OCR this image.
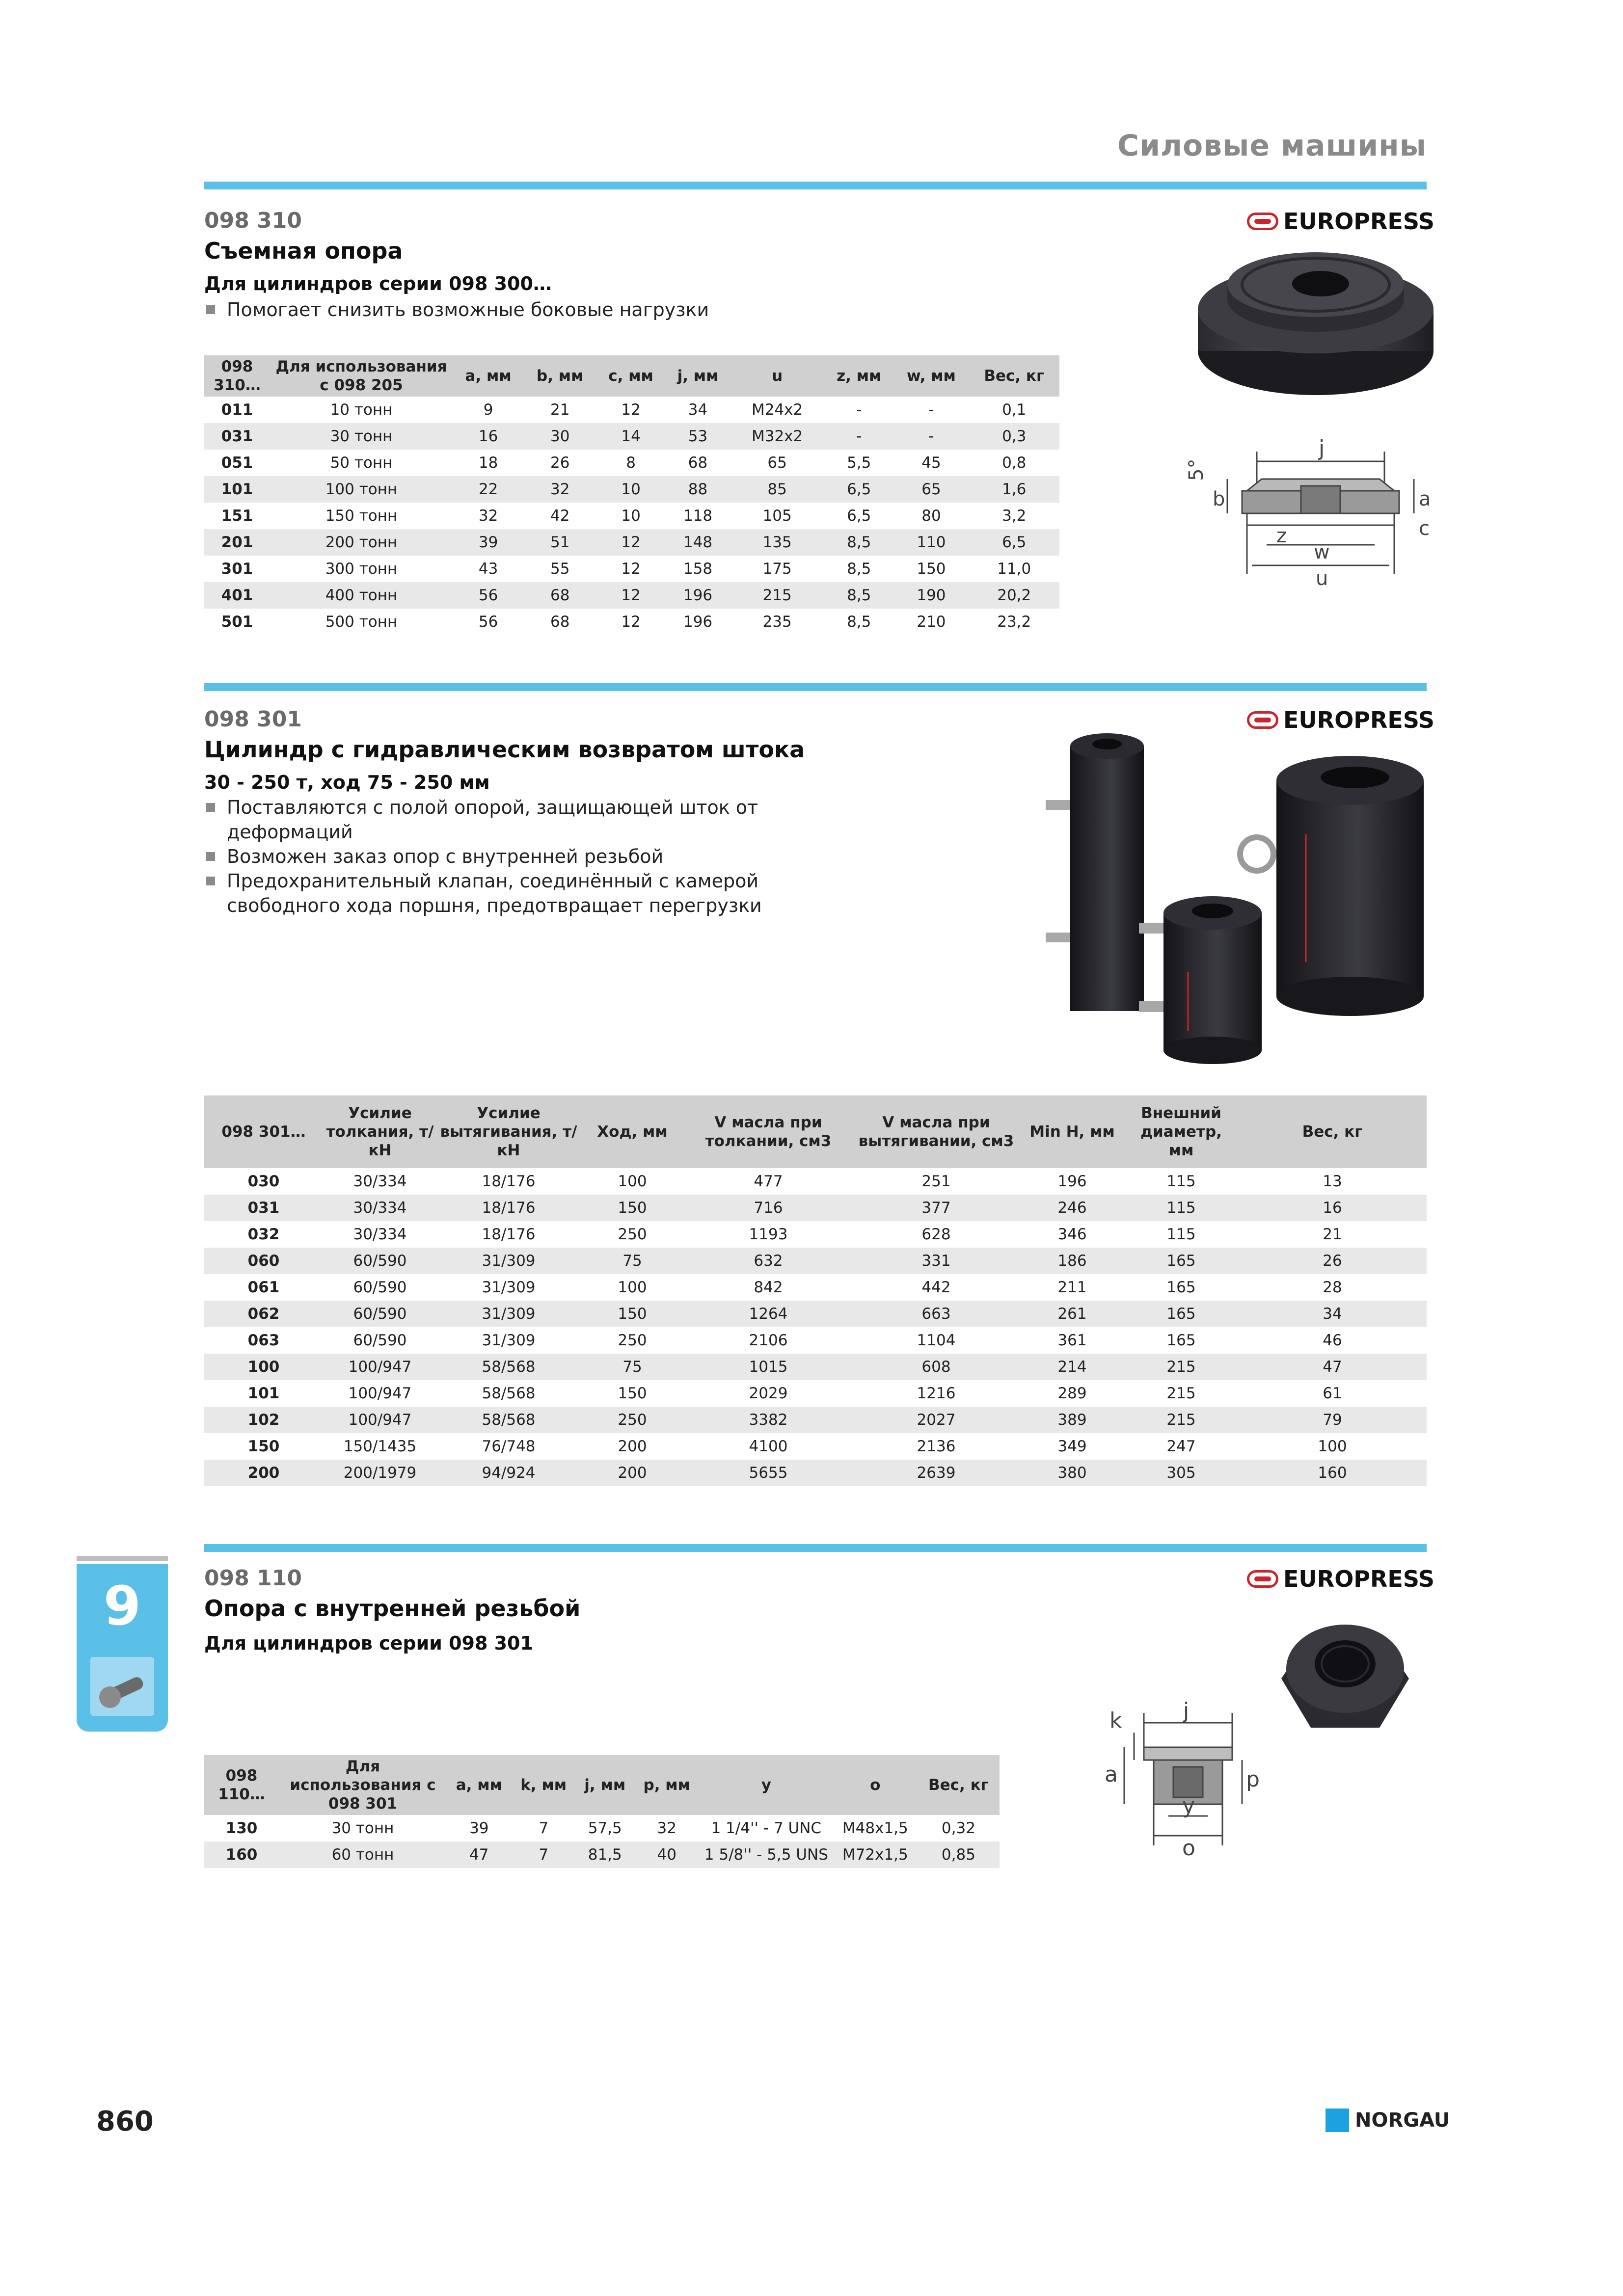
Силовые машины
098 310
Съемная опора
Для цилиндров серии 098 300…
Помогает снизить возможные боковые нагрузки
EUROPRESS
j
5°
b	a
c
z
w
u
098 310…	Для использования с 098 205	a, мм	b, мм	c, мм	j, мм	u	z, мм	w, мм	Вес, кг
011	10 тонн	9	21	12	34	M24x2	-	-	0,1
031	30 тонн	16	30	14	53	M32x2	-	-	0,3
051	50 тонн	18	26	8	68	65	5,5	45	0,8
101	100 тонн	22	32	10	88	85	6,5	65	1,6
151	150 тонн	32	42	10	118	105	6,5	80	3,2
201	200 тонн	39	51	12	148	135	8,5	110	6,5
301	300 тонн	43	55	12	158	175	8,5	150	11,0
401	400 тонн	56	68	12	196	215	8,5	190	20,2
501	500 тонн	56	68	12	196	235	8,5	210	23,2
098 301
Цилиндр с гидравлическим возвратом штока
30 - 250 т, ход 75 - 250 мм
Поставляются с полой опорой, защищающей шток от деформаций
Возможен заказ опор с внутренней резьбой
Предохранительный клапан, соединённый с камерой свободного хода поршня, предотвращает перегрузки
EUROPRESS
098 301…	Усилие толкания, т/кН	Усилие вытягивания, т/кН	Ход, мм	V масла при толкании, см3	V масла при вытягивании, см3	Min H, мм	Внешний диаметр, мм	Вес, кг
030	30/334	18/176	100	477	251	196	115	13
031	30/334	18/176	150	716	377	246	115	16
032	30/334	18/176	250	1193	628	346	115	21
060	60/590	31/309	75	632	331	186	165	26
061	60/590	31/309	100	842	442	211	165	28
062	60/590	31/309	150	1264	663	261	165	34
063	60/590	31/309	250	2106	1104	361	165	46
100	100/947	58/568	75	1015	608	214	215	47
101	100/947	58/568	150	2029	1216	289	215	61
102	100/947	58/568	250	3382	2027	389	215	79
150	150/1435	76/748	200	4100	2136	349	247	100
200	200/1979	94/924	200	5655	2639	380	305	160
9	098 110
Опора с внутренней резьбой
Для цилиндров серии 098 301
EUROPRESS
j
k
a	p
y
o
098 110…	Для использования с 098 301	a, мм	k, мм	j, мм	p, мм	y	o	Вес, кг
130	30 тонн	39	7	57,5	32	1 1/4'' - 7 UNC	M48x1,5	0,32
160	60 тонн	47	7	81,5	40	1 5/8'' - 5,5 UNS	M72x1,5	0,85
860	NORGAU
